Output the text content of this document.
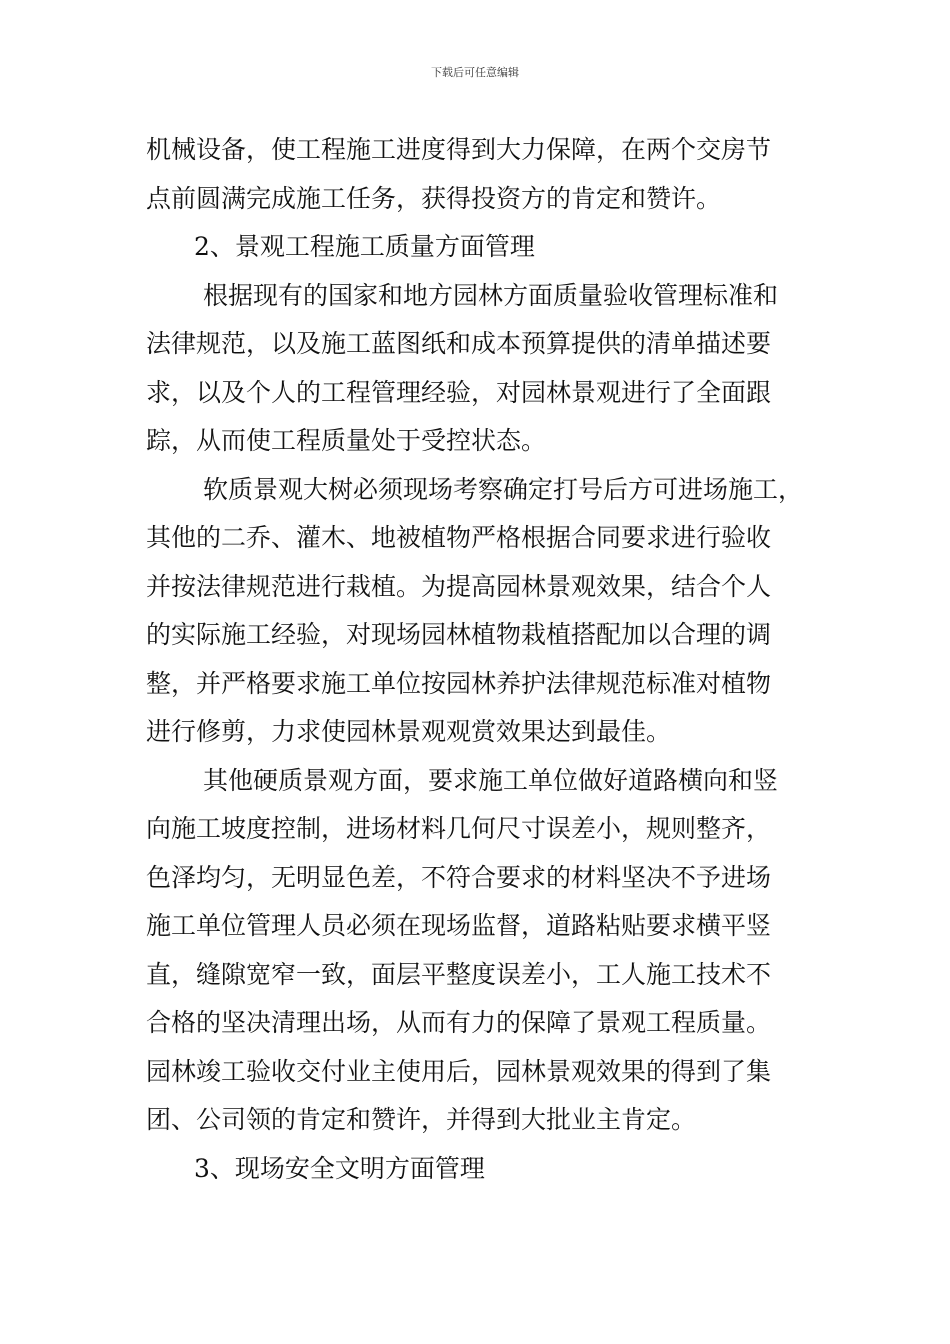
下载后可任意编辑
机械设备，使工程施工进度得到大力保障，在两个交房节
点前圆满完成施工任务，获得投资方的肯定和赞许。
2、景观工程施工质量方面管理
根据现有的国家和地方园林方面质量验收管理标准和
法律规范，以及施工蓝图纸和成本预算提供的清单描述要
求，以及个人的工程管理经验，对园林景观进行了全面跟
踪，从而使工程质量处于受控状态。
软质景观大树必须现场考察确定打号后方可进场施工，
其他的二乔、灌木、地被植物严格根据合同要求进行验收
并按法律规范进行栽植。为提高园林景观效果，结合个人
的实际施工经验，对现场园林植物栽植搭配加以合理的调
整，并严格要求施工单位按园林养护法律规范标准对植物
进行修剪，力求使园林景观观赏效果达到最佳。
其他硬质景观方面，要求施工单位做好道路横向和竖
向施工坡度控制，进场材料几何尺寸误差小，规则整齐，
色泽均匀，无明显色差，不符合要求的材料坚决不予进场
施工单位管理人员必须在现场监督，道路粘贴要求横平竖
直，缝隙宽窄一致，面层平整度误差小，工人施工技术不
合格的坚决清理出场，从而有力的保障了景观工程质量。
园林竣工验收交付业主使用后，园林景观效果的得到了集
团、公司领的肯定和赞许，并得到大批业主肯定。
3、现场安全文明方面管理
